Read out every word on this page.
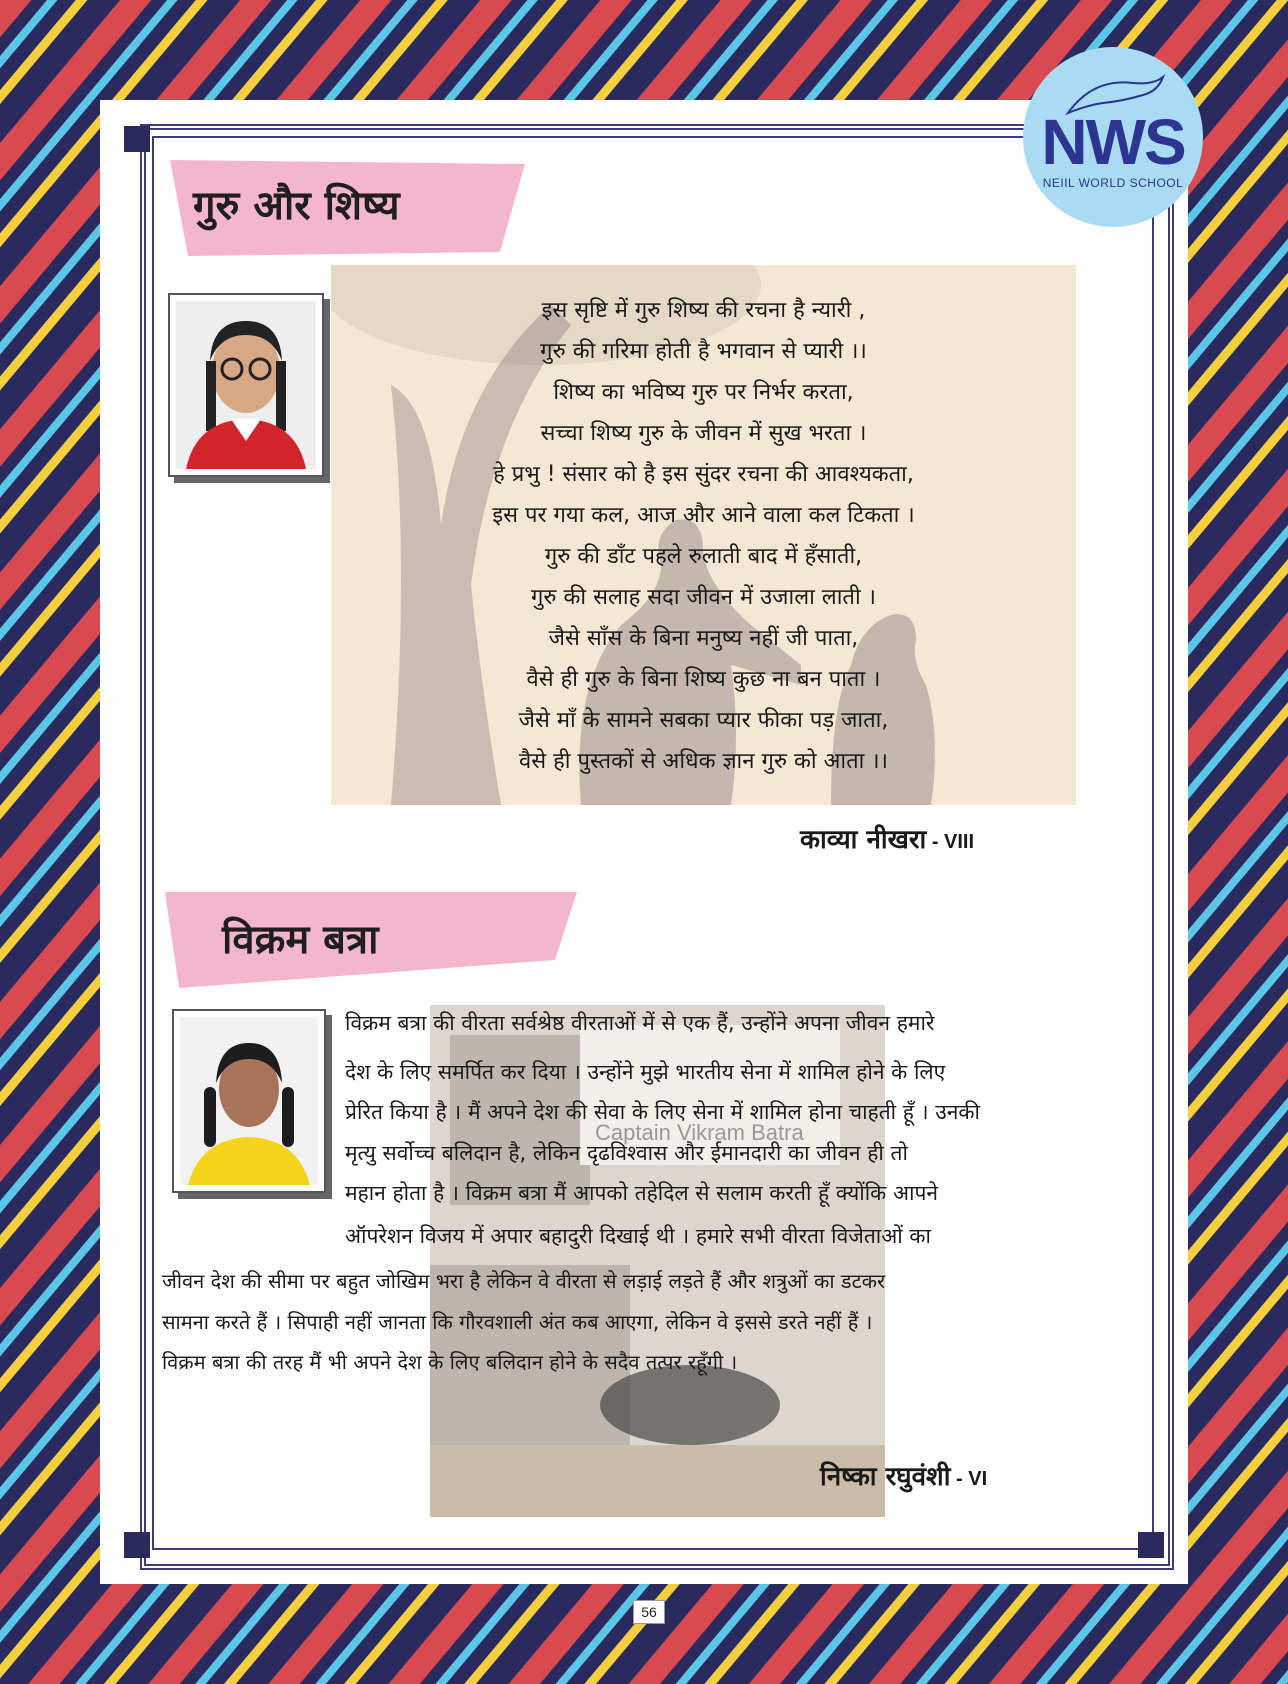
NWS
NEIIL WORLD SCHOOL
गुरु और शिष्य
इस सृष्टि में गुरु शिष्य की रचना है न्यारी ,
गुरु की गरिमा होती है भगवान से प्यारी ।।
शिष्य का भविष्य गुरु पर निर्भर करता,
सच्चा शिष्य गुरु के जीवन में सुख भरता ।
हे प्रभु ! संसार को है इस सुंदर रचना की आवश्यकता,
इस पर गया कल, आज और आने वाला कल टिकता ।
गुरु की डाँट पहले रुलाती बाद में हँसाती,
गुरु की सलाह सदा जीवन में उजाला लाती ।
जैसे साँस के बिना मनुष्य नहीं जी पाता,
वैसे ही गुरु के बिना शिष्य कुछ ना बन पाता ।
जैसे माँ के सामने सबका प्यार फीका पड़ जाता,
वैसे ही पुस्तकों से अधिक ज्ञान गुरु को आता ।।
काव्या नीखरा - VIII
विक्रम बत्रा
Captain Vikram Batra
विक्रम बत्रा की वीरता सर्वश्रेष्ठ वीरताओं में से एक हैं, उन्होंने अपना जीवन हमारे
देश के लिए समर्पित कर दिया । उन्होंने मुझे भारतीय सेना में शामिल होने के लिए
प्रेरित किया है । मैं अपने देश की सेवा के लिए सेना में शामिल होना चाहती हूँ । उनकी
मृत्यु सर्वोच्च बलिदान है, लेकिन दृढविश्वास और ईमानदारी का जीवन ही तो
महान होता है । विक्रम बत्रा मैं आपको तहेदिल से सलाम करती हूँ क्योंकि आपने
ऑपरेशन विजय में अपार बहादुरी दिखाई थी । हमारे सभी वीरता विजेताओं का
जीवन देश की सीमा पर बहुत जोखिम भरा है लेकिन वे वीरता से लड़ाई लड़ते हैं और शत्रुओं का डटकर
सामना करते हैं । सिपाही नहीं जानता कि गौरवशाली अंत कब आएगा, लेकिन वे इससे डरते नहीं हैं ।
विक्रम बत्रा की तरह मैं भी अपने देश के लिए बलिदान होने के सदैव तत्पर रहूँगी ।
निष्का रघुवंशी - VI
56
